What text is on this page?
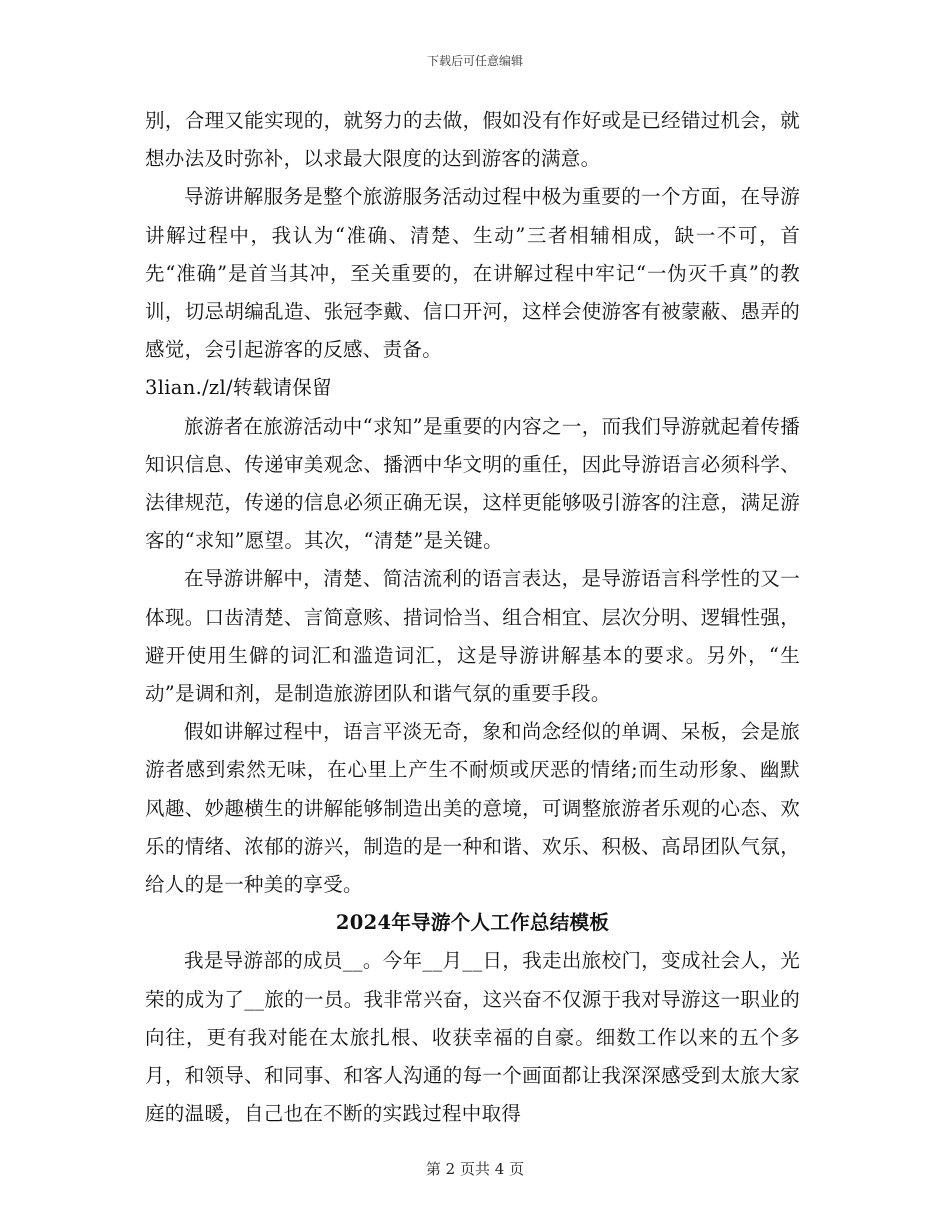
下载后可任意编辑

别，合理又能实现的，就努力的去做，假如没有作好或是已经错过机会，就想办法及时弥补，以求最大限度的达到游客的满意。

导游讲解服务是整个旅游服务活动过程中极为重要的一个方面，在导游讲解过程中，我认为“准确、清楚、生动”三者相辅相成，缺一不可，首先“准确”是首当其冲，至关重要的，在讲解过程中牢记“一伪灭千真”的教训，切忌胡编乱造、张冠李戴、信口开河，这样会使游客有被蒙蔽、愚弄的感觉，会引起游客的反感、责备。

3lian./zl/转载请保留

旅游者在旅游活动中“求知”是重要的内容之一，而我们导游就起着传播知识信息、传递审美观念、播洒中华文明的重任，因此导游语言必须科学、法律规范，传递的信息必须正确无误，这样更能够吸引游客的注意，满足游客的“求知”愿望。其次，“清楚”是关键。

在导游讲解中，清楚、简洁流利的语言表达，是导游语言科学性的又一体现。口齿清楚、言简意赅、措词恰当、组合相宜、层次分明、逻辑性强，避开使用生僻的词汇和滥造词汇，这是导游讲解基本的要求。另外，“生动”是调和剂，是制造旅游团队和谐气氛的重要手段。

假如讲解过程中，语言平淡无奇，象和尚念经似的单调、呆板，会是旅游者感到索然无味，在心里上产生不耐烦或厌恶的情绪;而生动形象、幽默风趣、妙趣横生的讲解能够制造出美的意境，可调整旅游者乐观的心态、欢乐的情绪、浓郁的游兴，制造的是一种和谐、欢乐、积极、高昂团队气氛，给人的是一种美的享受。

2024年导游个人工作总结模板

我是导游部的成员__。今年__月__日，我走出旅校门，变成社会人，光荣的成为了__旅的一员。我非常兴奋，这兴奋不仅源于我对导游这一职业的向往，更有我对能在太旅扎根、收获幸福的自豪。细数工作以来的五个多月，和领导、和同事、和客人沟通的每一个画面都让我深深感受到太旅大家庭的温暖，自己也在不断的实践过程中取得

第 2 页共 4 页
